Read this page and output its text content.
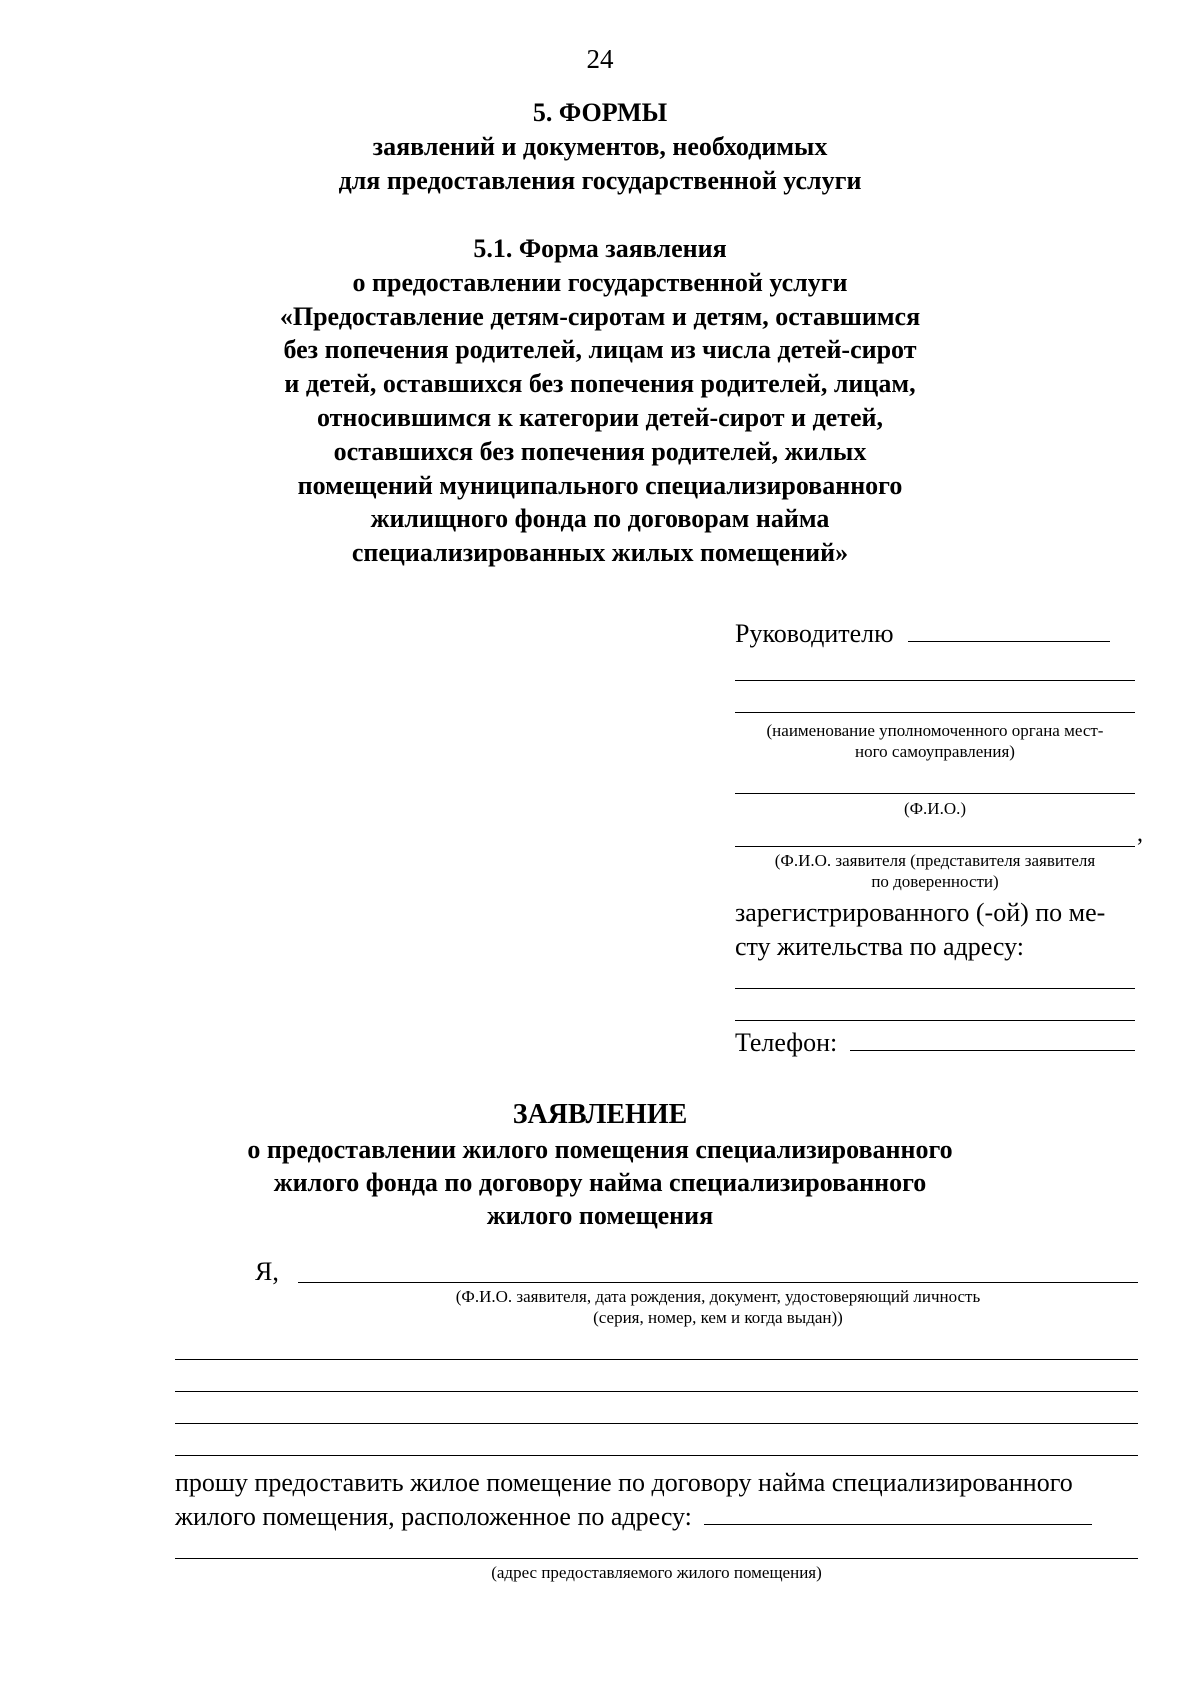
24
5. ФОРМЫ
заявлений и документов, необходимых
для предоставления государственной услуги
5.1. Форма заявления
о предоставлении государственной услуги
«Предоставление детям-сиротам и детям, оставшимся
без попечения родителей, лицам из числа детей-сирот
и детей, оставшихся без попечения родителей, лицам,
относившимся к категории детей-сирот и детей,
оставшихся без попечения родителей, жилых
помещений муниципального специализированного
жилищного фонда по договорам найма
специализированных жилых помещений»
Руководителю
(наименование уполномоченного органа мест-
ного самоуправления)
(Ф.И.О.)
,
(Ф.И.О. заявителя (представителя заявителя
по доверенности)
зарегистрированного (-ой) по ме-
сту жительства по адресу:
Телефон:
ЗАЯВЛЕНИЕ
о предоставлении жилого помещения специализированного
жилого фонда по договору найма специализированного
жилого помещения
Я,
(Ф.И.О. заявителя, дата рождения, документ, удостоверяющий личность
(серия, номер, кем и когда выдан))
прошу предоставить жилое помещение по договору найма специализированного
жилого помещения, расположенное по адресу:
(адрес предоставляемого жилого помещения)
